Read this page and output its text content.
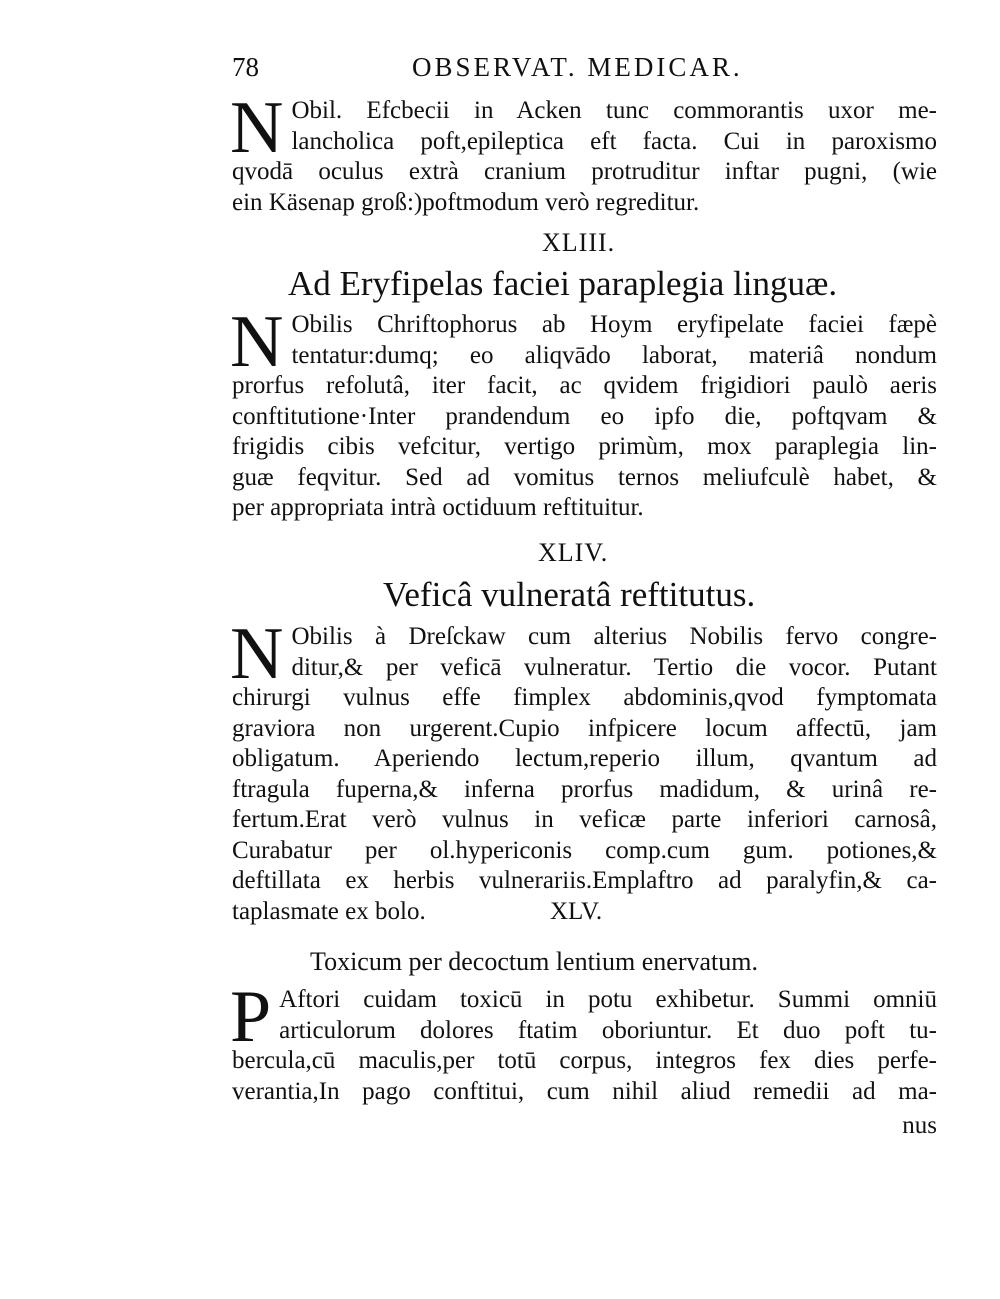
78	OBSERVAT. MEDICAR.
N Obil. Efcbecii in Acken tunc commorantis uxor me-
lancholica poft,epileptica eft facta. Cui in paroxismo
qvodā oculus extrà cranium protruditur inftar pugni, (wie
ein Käsenap groß:)poftmodum verò regreditur.
XLIII.
Ad Eryfipelas faciei paraplegia linguæ.
N Obilis Chriftophorus ab Hoym eryfipelate faciei fæpè
tentatur:dumq; eo aliqvādo laborat, materiâ nondum
prorfus refolutâ, iter facit, ac qvidem frigidiori paulò aeris
conftitutione·Inter prandendum eo ipfo die, poftqvam &
frigidis cibis vefcitur, vertigo primùm, mox paraplegia lin-
guæ feqvitur. Sed ad vomitus ternos meliufculè habet, &
per appropriata intrà octiduum reftituitur.
XLIV.
Veficâ vulneratâ reftitutus.
N Obilis à Dreſckaw cum alterius Nobilis fervo congre-
ditur,& per veficā vulneratur. Tertio die vocor. Putant
chirurgi vulnus effe fimplex abdominis,qvod fymptomata
graviora non urgerent.Cupio infpicere locum affectū, jam
obligatum. Aperiendo lectum,reperio illum, qvantum ad
ftragula fuperna,& inferna prorfus madidum, & urinâ re-
fertum.Erat verò vulnus in veficæ parte inferiori carnosâ,
Curabatur per ol.hypericonis comp.cum gum. potiones,&
deftillata ex herbis vulnerariis.Emplaftro ad paralyfin,& ca-
taplasmate ex bolo.	XLV.
Toxicum per decoctum lentium enervatum.
P Aftori cuidam toxicū in potu exhibetur. Summi omniū
articulorum dolores ftatim oboriuntur. Et duo poft tu-
bercula,cū maculis,per totū corpus, integros fex dies perfe-
verantia,In pago conftitui, cum nihil aliud remedii ad ma-
nus
